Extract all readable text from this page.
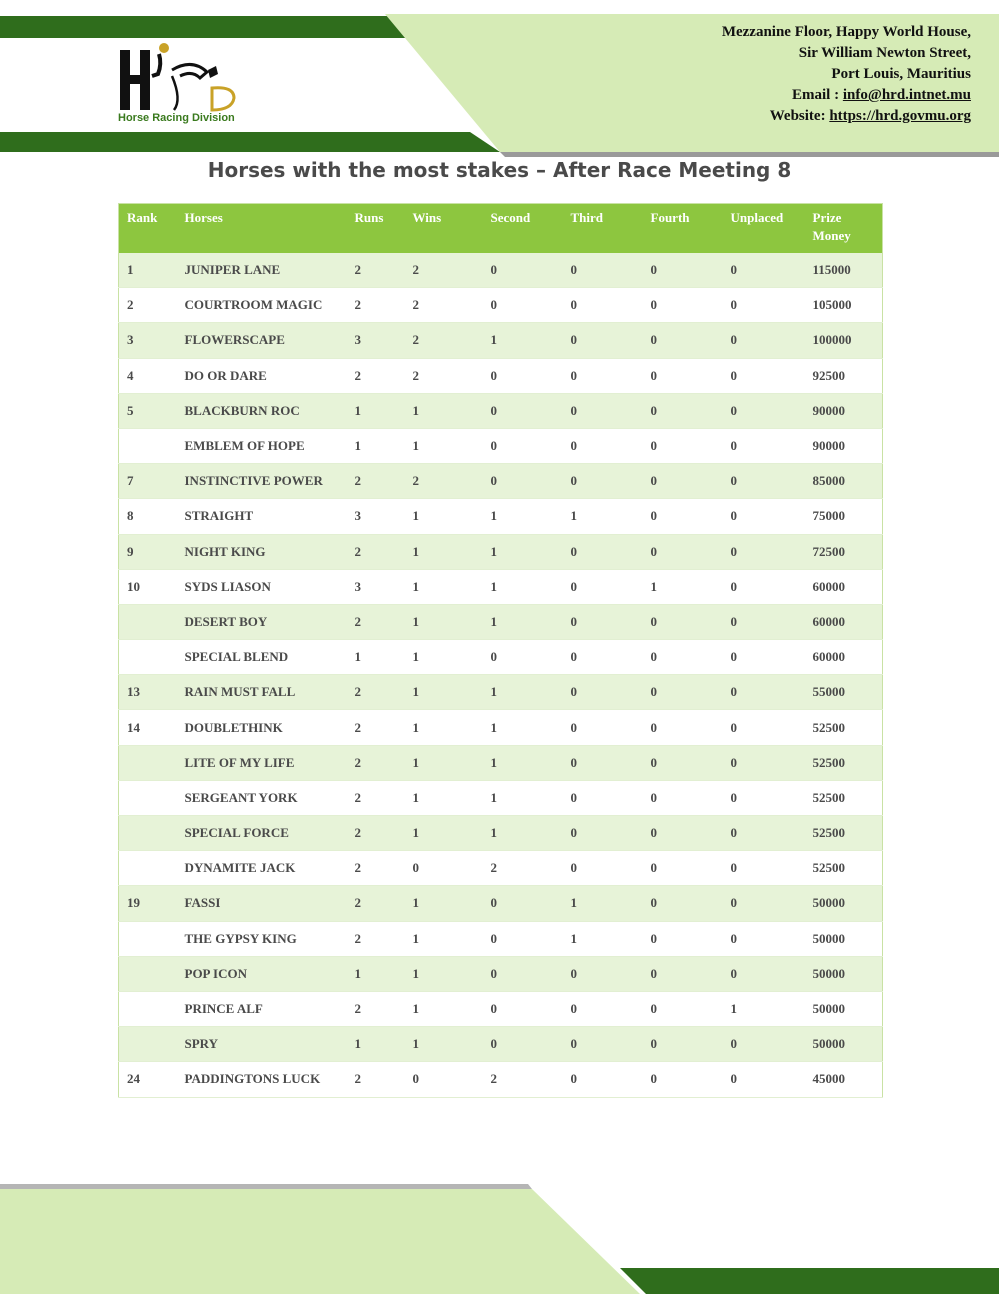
Horse Racing Division
Mezzanine Floor, Happy World House,
Sir William Newton Street,
Port Louis, Mauritius
Email : info@hrd.intnet.mu
Website: https://hrd.govmu.org
Horses with the most stakes – After Race Meeting 8
Rank	Horses	Runs	Wins	Second	Third	Fourth	Unplaced	Prize Money
1	JUNIPER LANE	2	2	0	0	0	0	115000
2	COURTROOM MAGIC	2	2	0	0	0	0	105000
3	FLOWERSCAPE	3	2	1	0	0	0	100000
4	DO OR DARE	2	2	0	0	0	0	92500
5	BLACKBURN ROC	1	1	0	0	0	0	90000
	EMBLEM OF HOPE	1	1	0	0	0	0	90000
7	INSTINCTIVE POWER	2	2	0	0	0	0	85000
8	STRAIGHT	3	1	1	1	0	0	75000
9	NIGHT KING	2	1	1	0	0	0	72500
10	SYDS LIASON	3	1	1	0	1	0	60000
	DESERT BOY	2	1	1	0	0	0	60000
	SPECIAL BLEND	1	1	0	0	0	0	60000
13	RAIN MUST FALL	2	1	1	0	0	0	55000
14	DOUBLETHINK	2	1	1	0	0	0	52500
	LITE OF MY LIFE	2	1	1	0	0	0	52500
	SERGEANT YORK	2	1	1	0	0	0	52500
	SPECIAL FORCE	2	1	1	0	0	0	52500
	DYNAMITE JACK	2	0	2	0	0	0	52500
19	FASSI	2	1	0	1	0	0	50000
	THE GYPSY KING	2	1	0	1	0	0	50000
	POP ICON	1	1	0	0	0	0	50000
	PRINCE ALF	2	1	0	0	0	1	50000
	SPRY	1	1	0	0	0	0	50000
24	PADDINGTONS LUCK	2	0	2	0	0	0	45000
